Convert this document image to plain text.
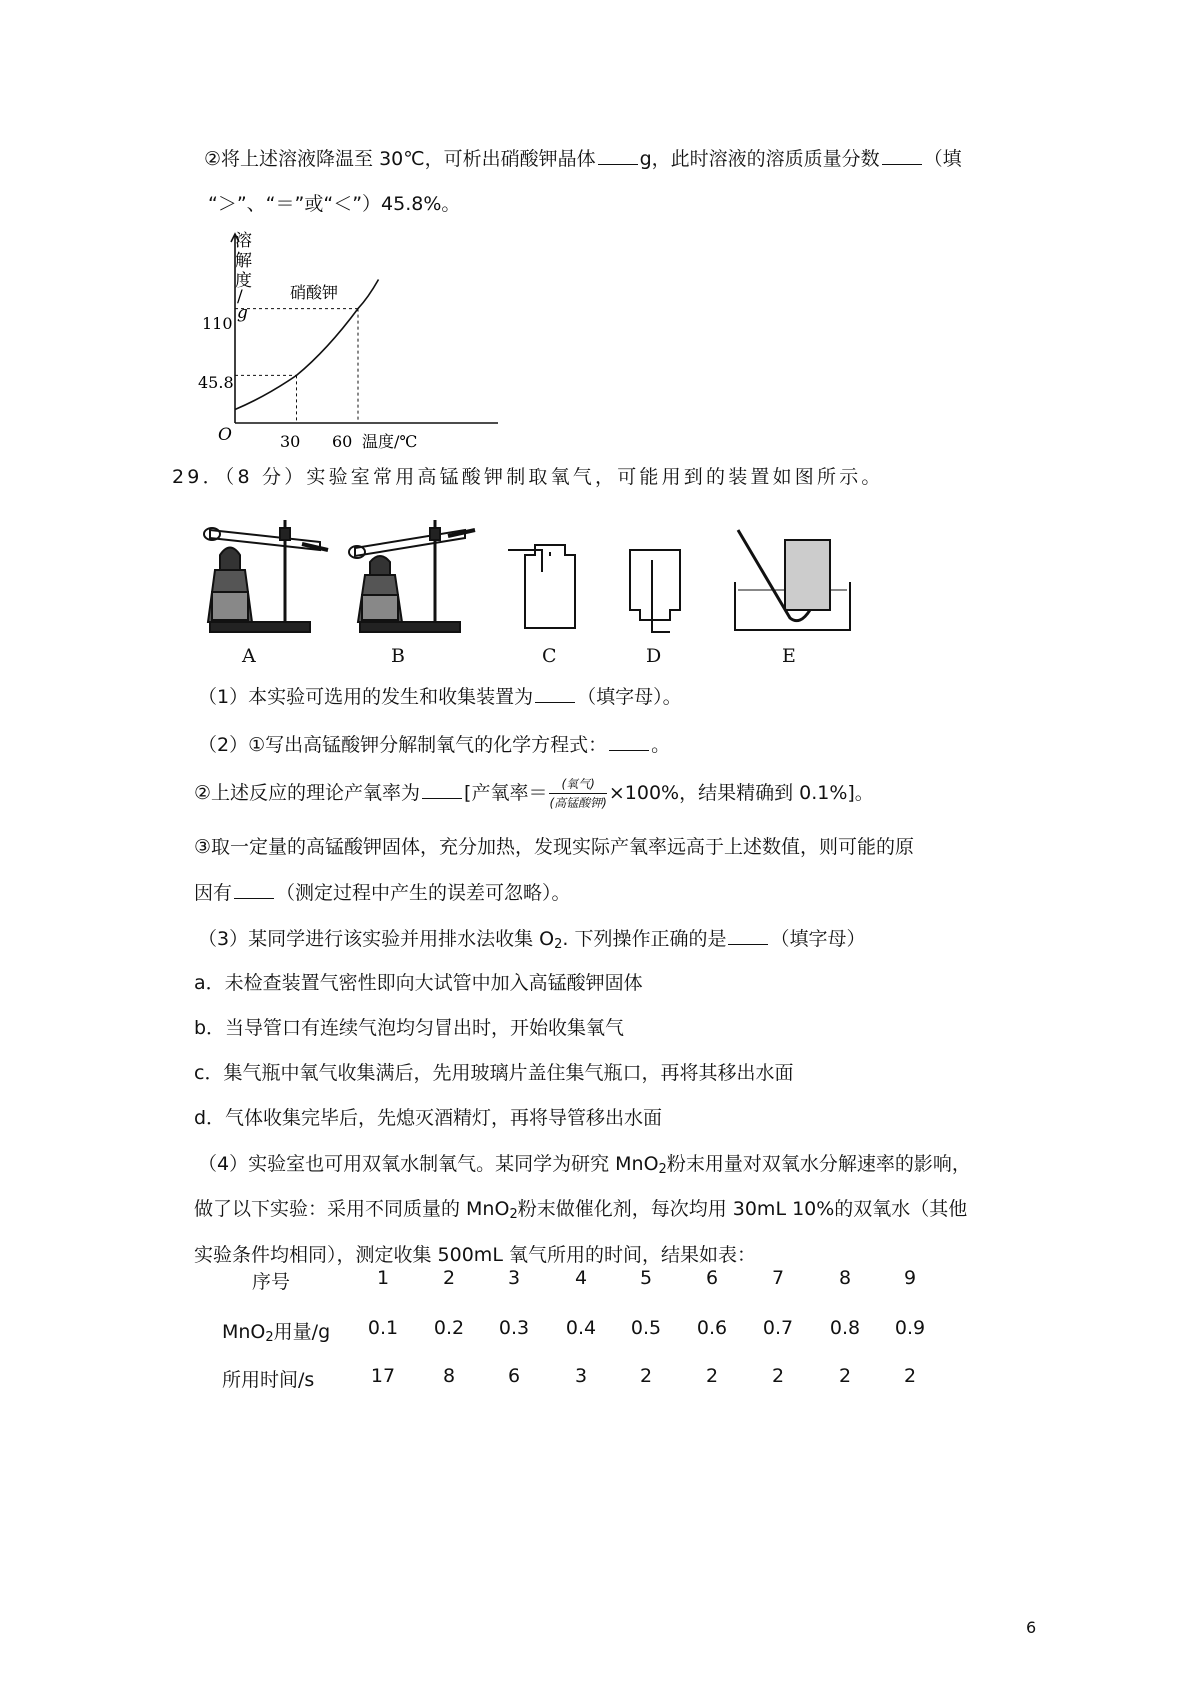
②将上述溶液降温至 30℃，可析出硝酸钾晶体 g，此时溶液的溶质质量分数 （填
“＞”、“＝”或“＜”）45.8%。
溶
解
度
/
g
硝酸钾
110
45.8
O	30 60 温度/℃
29．（8 分）实验室常用高锰酸钾制取氧气，可能用到的装置如图所示。
A	B	C	D	E
（1）本实验可选用的发生和收集装置为 （填字母）。
（2）①写出高锰酸钾分解制氧气的化学方程式： 。
②上述反应的理论产氧率为 [产氧率＝ $\frac{\text{(氧气)}}{\text{(高锰酸钾)}} \times 100\%$，结果精确到 0.1%]。
③取一定量的高锰酸钾固体，充分加热，发现实际产氧率远高于上述数值，则可能的原
因有 （测定过程中产生的误差可忽略）。
（3）某同学进行该实验并用排水法收集 $O_2$. 下列操作正确的是 （填字母）
a．未检查装置气密性即向大试管中加入高锰酸钾固体
b．当导管口有连续气泡均匀冒出时，开始收集氧气
c．集气瓶中氧气收集满后，先用玻璃片盖住集气瓶口，再将其移出水面
d．气体收集完毕后，先熄灭酒精灯，再将导管移出水面
（4）实验室也可用双氧水制氧气。某同学为研究 MnO$_2$粉末用量对双氧水分解速率的影响，
做了以下实验：采用不同质量的 MnO$_2$粉末做催化剂，每次均用 30mL 10%的双氧水（其他
实验条件均相同），测定收集 500mL 氧气所用的时间，结果如表：
序号	1	2	3	4	5	6	7	8	9
MnO$_2$用量/g	0.1	0.2	0.3	0.4	0.5	0.6	0.7	0.8	0.9
所用时间/s	17	8	6	3	2	2	2	2	2
6
